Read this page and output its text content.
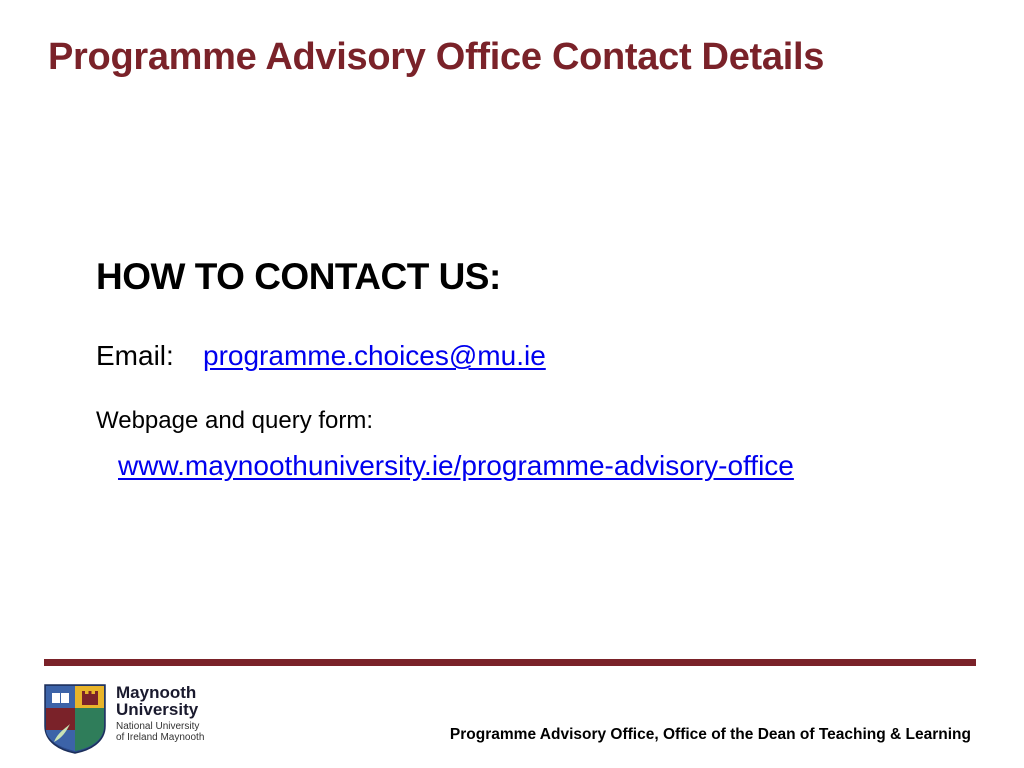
Programme Advisory Office Contact Details
HOW TO CONTACT US:
Email: programme.choices@mu.ie
Webpage and query form:
www.maynoothuniversity.ie/programme-advisory-office
Maynooth
University
National University
of Ireland Maynooth	Programme Advisory Office, Office of the Dean of Teaching & Learning
